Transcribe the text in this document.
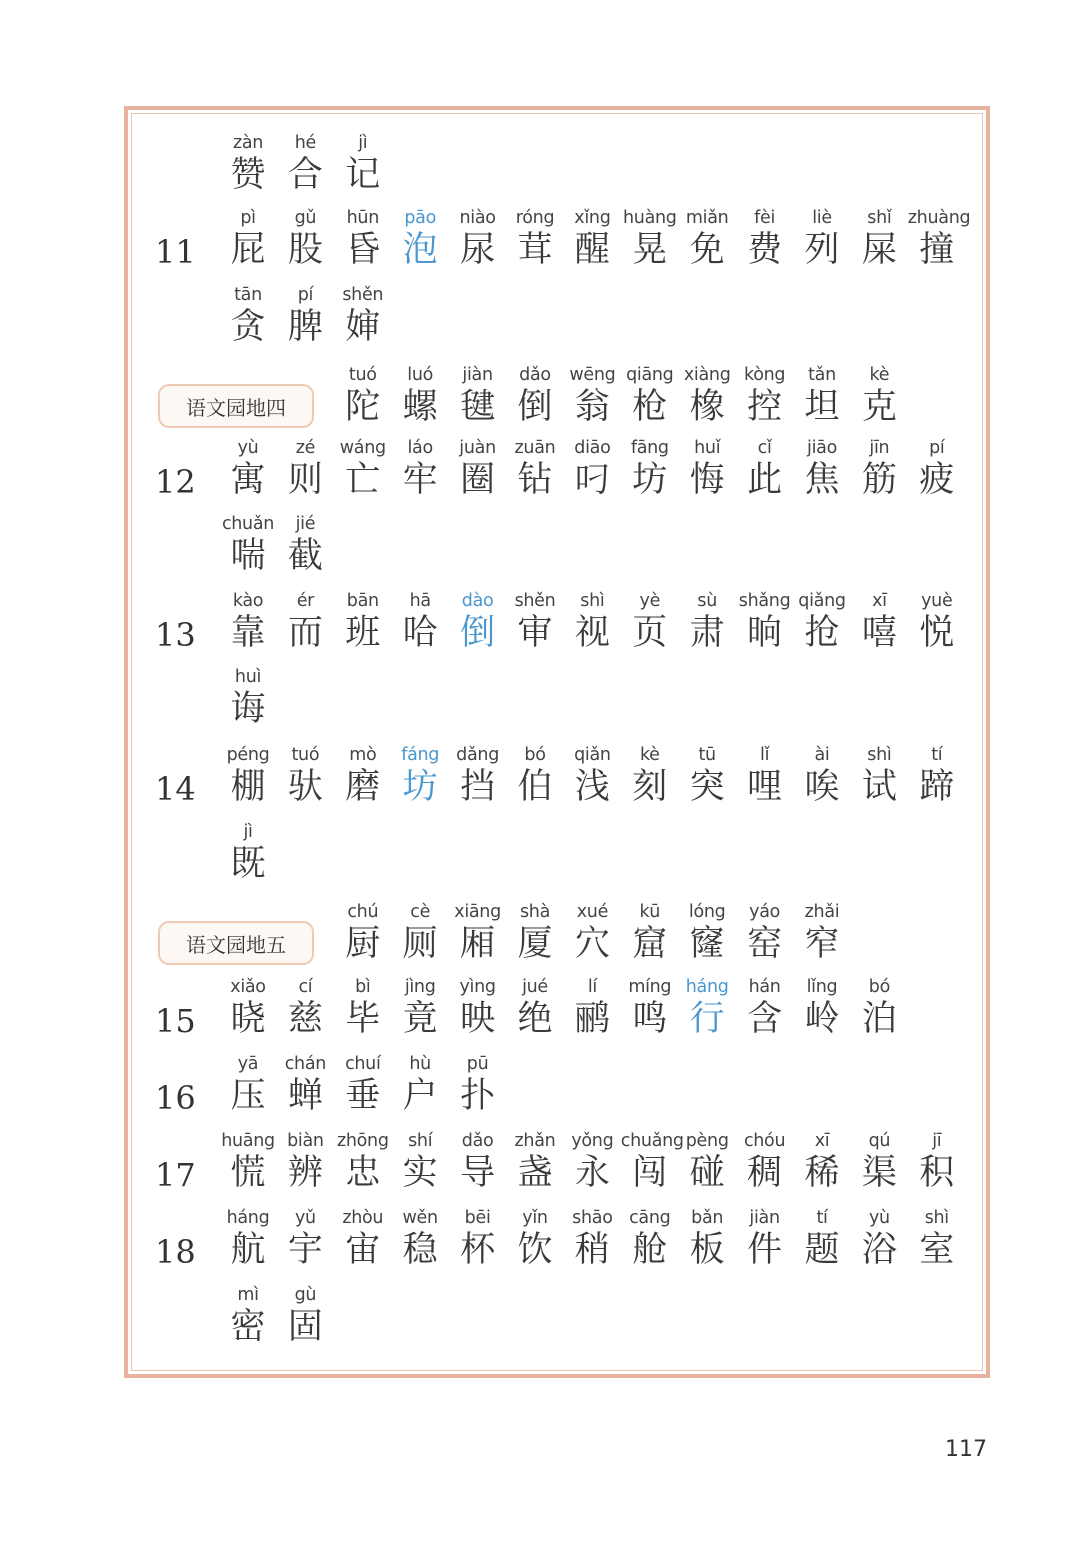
zàn
赞
hé
合
jì
记
11
pì
屁
gǔ
股
hūn
昏
pāo
泡
niào
尿
róng
茸
xǐng
醒
huàng
晃
miǎn
免
fèi
费
liè
列
shǐ
屎
zhuàng
撞
tān
贪
pí
脾
shěn
婶
语文园地四
tuó
陀
luó
螺
jiàn
毽
dǎo
倒
wēng
翁
qiāng
枪
xiàng
橡
kòng
控
tǎn
坦
kè
克
12
yù
寓
zé
则
wáng
亡
láo
牢
juàn
圈
zuān
钻
diāo
叼
fāng
坊
huǐ
悔
cǐ
此
jiāo
焦
jīn
筋
pí
疲
chuǎn
喘
jié
截
13
kào
靠
ér
而
bān
班
hā
哈
dào
倒
shěn
审
shì
视
yè
页
sù
肃
shǎng
晌
qiǎng
抢
xī
嘻
yuè
悦
huì
诲
14
péng
棚
tuó
驮
mò
磨
fáng
坊
dǎng
挡
bó
伯
qiǎn
浅
kè
刻
tū
突
lǐ
哩
ài
唉
shì
试
tí
蹄
jì
既
语文园地五
chú
厨
cè
厕
xiāng
厢
shà
厦
xué
穴
kū
窟
lóng
窿
yáo
窑
zhǎi
窄
15
xiǎo
晓
cí
慈
bì
毕
jìng
竟
yìng
映
jué
绝
lí
鹂
míng
鸣
háng
行
hán
含
lǐng
岭
bó
泊
16
yā
压
chán
蝉
chuí
垂
hù
户
pū
扑
17
huāng
慌
biàn
辨
zhōng
忠
shí
实
dǎo
导
zhǎn
盏
yǒng
永
chuǎng
闯
pèng
碰
chóu
稠
xī
稀
qú
渠
jī
积
18
háng
航
yǔ
宇
zhòu
宙
wěn
稳
bēi
杯
yǐn
饮
shāo
稍
cāng
舱
bǎn
板
jiàn
件
tí
题
yù
浴
shì
室
mì
密
gù
固
117
